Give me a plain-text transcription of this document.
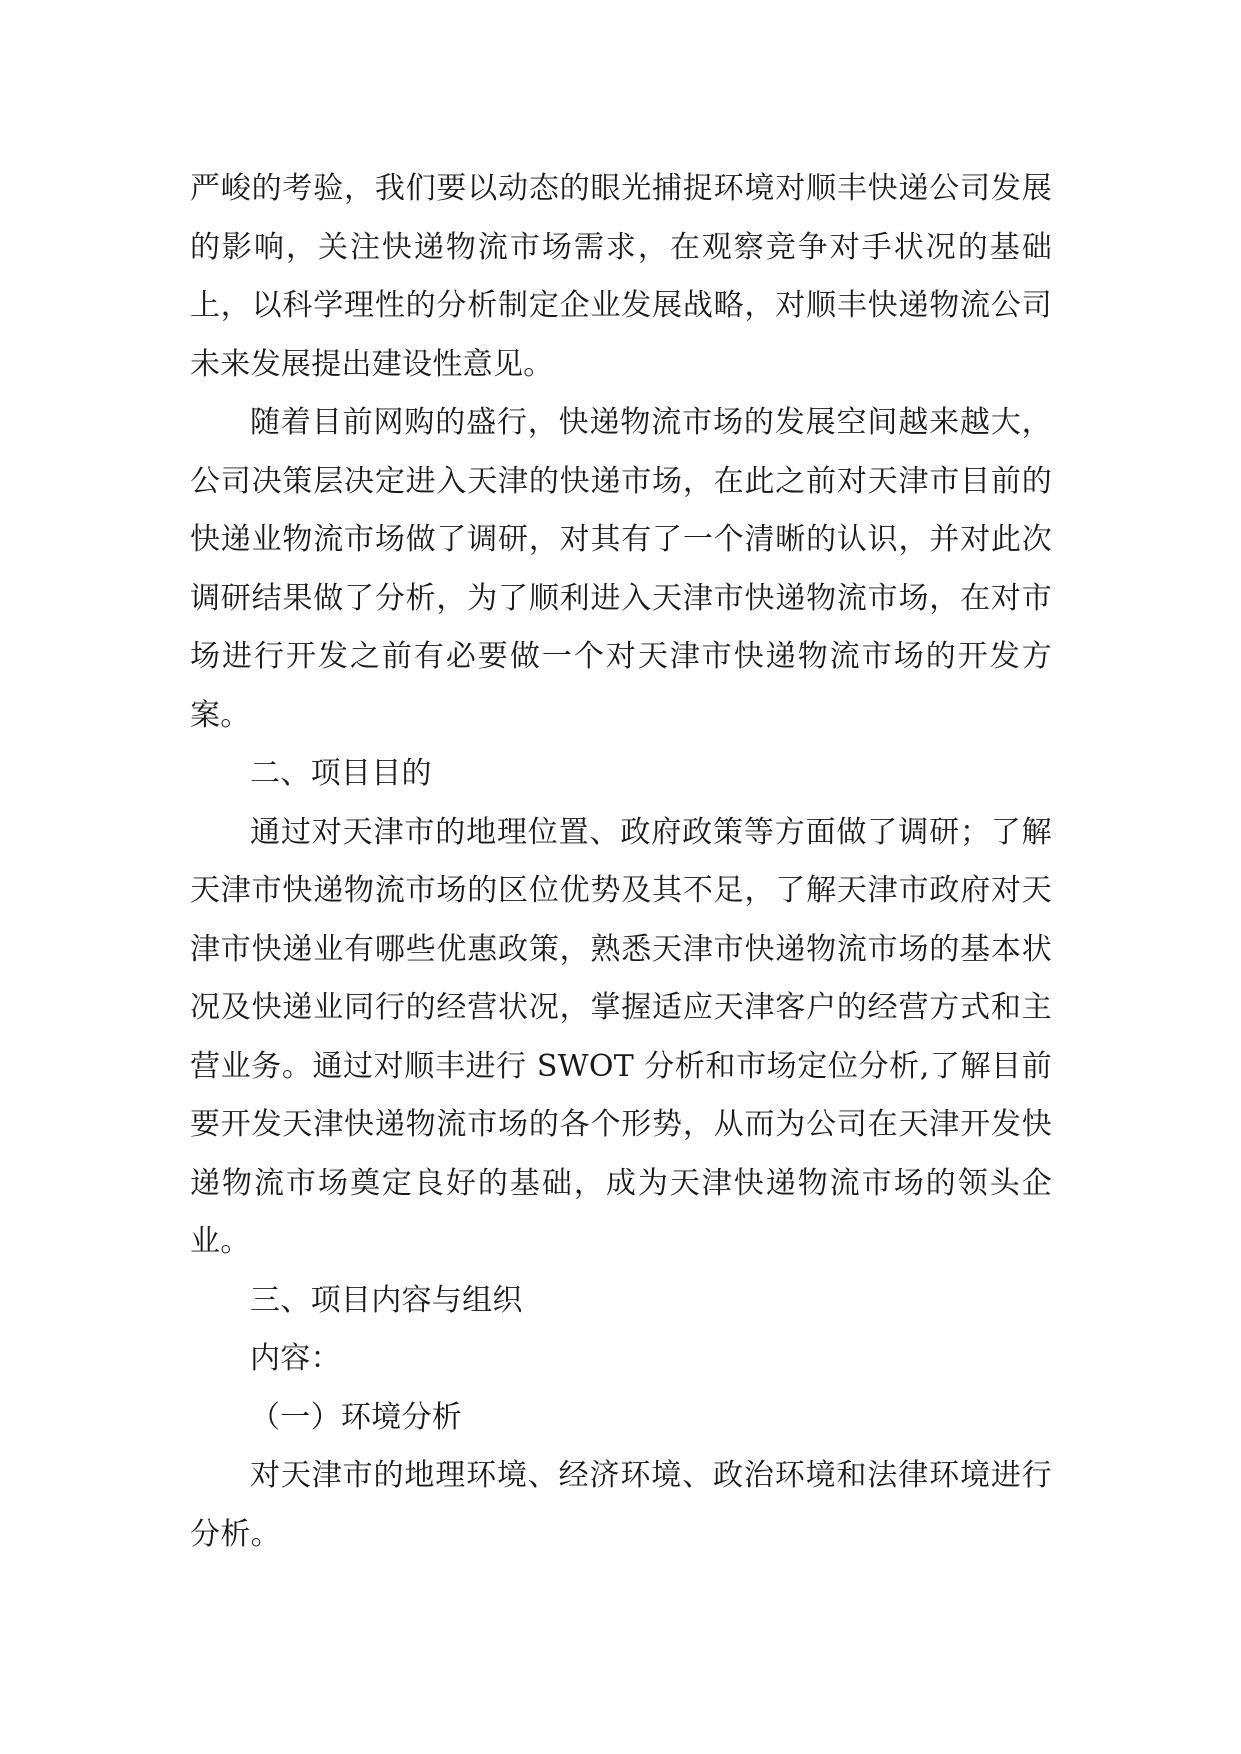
严峻的考验，我们要以动态的眼光捕捉环境对顺丰快递公司发展的影响，关注快递物流市场需求，在观察竞争对手状况的基础上，以科学理性的分析制定企业发展战略，对顺丰快递物流公司未来发展提出建设性意见。

随着目前网购的盛行，快递物流市场的发展空间越来越大，公司决策层决定进入天津的快递市场，在此之前对天津市目前的快递业物流市场做了调研，对其有了一个清晰的认识，并对此次调研结果做了分析，为了顺利进入天津市快递物流市场，在对市场进行开发之前有必要做一个对天津市快递物流市场的开发方案。

二、项目目的

通过对天津市的地理位置、政府政策等方面做了调研；了解天津市快递物流市场的区位优势及其不足，了解天津市政府对天津市快递业有哪些优惠政策，熟悉天津市快递物流市场的基本状况及快递业同行的经营状况，掌握适应天津客户的经营方式和主营业务。通过对顺丰进行 SWOT 分析和市场定位分析,了解目前要开发天津快递物流市场的各个形势，从而为公司在天津开发快递物流市场奠定良好的基础，成为天津快递物流市场的领头企业。

三、项目内容与组织

内容：

（一）环境分析

对天津市的地理环境、经济环境、政治环境和法律环境进行分析。
